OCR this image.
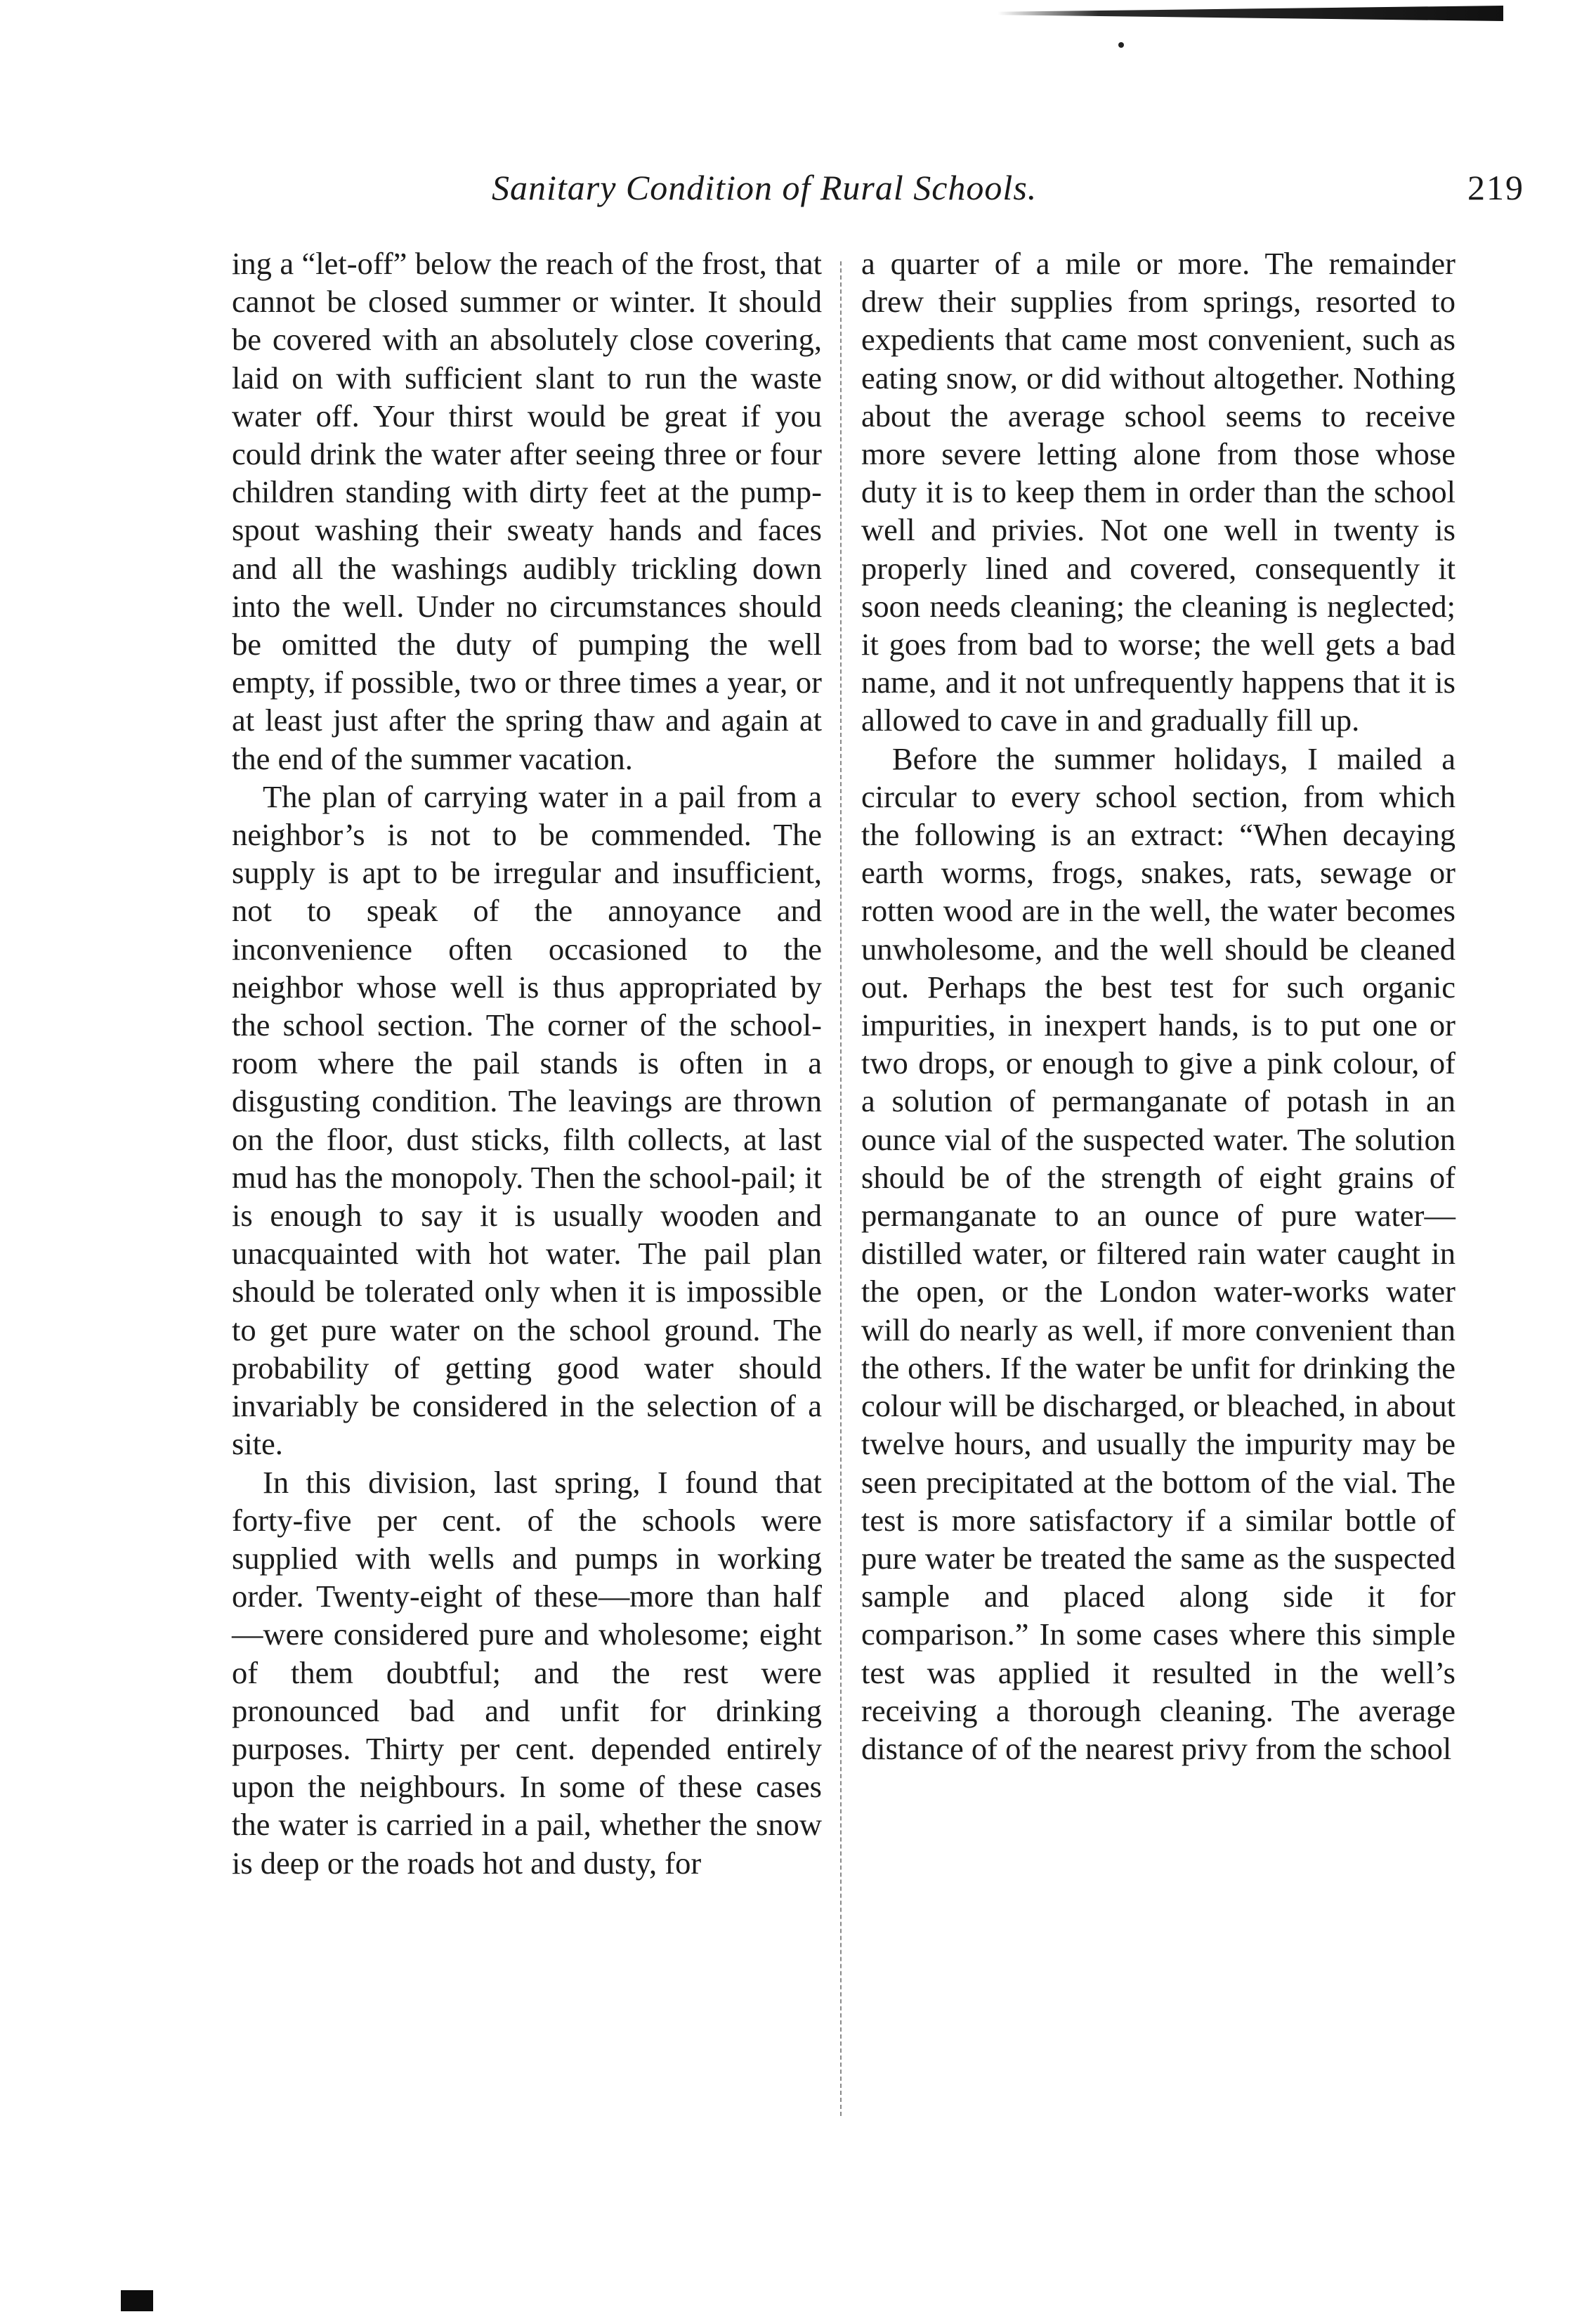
Sanitary Condition of Rural Schools.	219

ing a “let-off” below the reach of the frost, that cannot be closed summer or winter. It should be covered with an absolutely close covering, laid on with sufficient slant to run the waste water off. Your thirst would be great if you could drink the water after seeing three or four children standing with dirty feet at the pump-spout washing their sweaty hands and faces and all the washings audibly trickling down into the well. Under no circumstances should be omitted the duty of pumping the well empty, if possible, two or three times a year, or at least just after the spring thaw and again at the end of the summer vacation.

The plan of carrying water in a pail from a neighbor’s is not to be commended. The supply is apt to be irregular and insufficient, not to speak of the annoyance and inconvenience often occasioned to the neighbor whose well is thus appropriated by the school section. The corner of the school-room where the pail stands is often in a disgusting condition. The leavings are thrown on the floor, dust sticks, filth collects, at last mud has the monopoly. Then the school-pail; it is enough to say it is usually wooden and unacquainted with hot water. The pail plan should be tolerated only when it is impossible to get pure water on the school ground. The probability of getting good water should invariably be considered in the selection of a site.

In this division, last spring, I found that forty-five per cent. of the schools were supplied with wells and pumps in working order. Twenty-eight of these—more than half—were considered pure and wholesome; eight of them doubtful; and the rest were pronounced bad and unfit for drinking purposes. Thirty per cent. depended entirely upon the neighbours. In some of these cases the water is carried in a pail, whether the snow is deep or the roads hot and dusty, for

a quarter of a mile or more. The remainder drew their supplies from springs, resorted to expedients that came most convenient, such as eating snow, or did without altogether. Nothing about the average school seems to receive more severe letting alone from those whose duty it is to keep them in order than the school well and privies. Not one well in twenty is properly lined and covered, consequently it soon needs cleaning; the cleaning is neglected; it goes from bad to worse; the well gets a bad name, and it not unfrequently happens that it is allowed to cave in and gradually fill up.

Before the summer holidays, I mailed a circular to every school section, from which the following is an extract: “When decaying earth worms, frogs, snakes, rats, sewage or rotten wood are in the well, the water becomes unwholesome, and the well should be cleaned out. Perhaps the best test for such organic impurities, in inexpert hands, is to put one or two drops, or enough to give a pink colour, of a solution of permanganate of potash in an ounce vial of the suspected water. The solution should be of the strength of eight grains of permanganate to an ounce of pure water—distilled water, or filtered rain water caught in the open, or the London water-works water will do nearly as well, if more convenient than the others. If the water be unfit for drinking the colour will be discharged, or bleached, in about twelve hours, and usually the impurity may be seen precipitated at the bottom of the vial. The test is more satisfactory if a similar bottle of pure water be treated the same as the suspected sample and placed along side it for comparison.” In some cases where this simple test was applied it resulted in the well’s receiving a thorough cleaning. The average distance of of the nearest privy from the school
